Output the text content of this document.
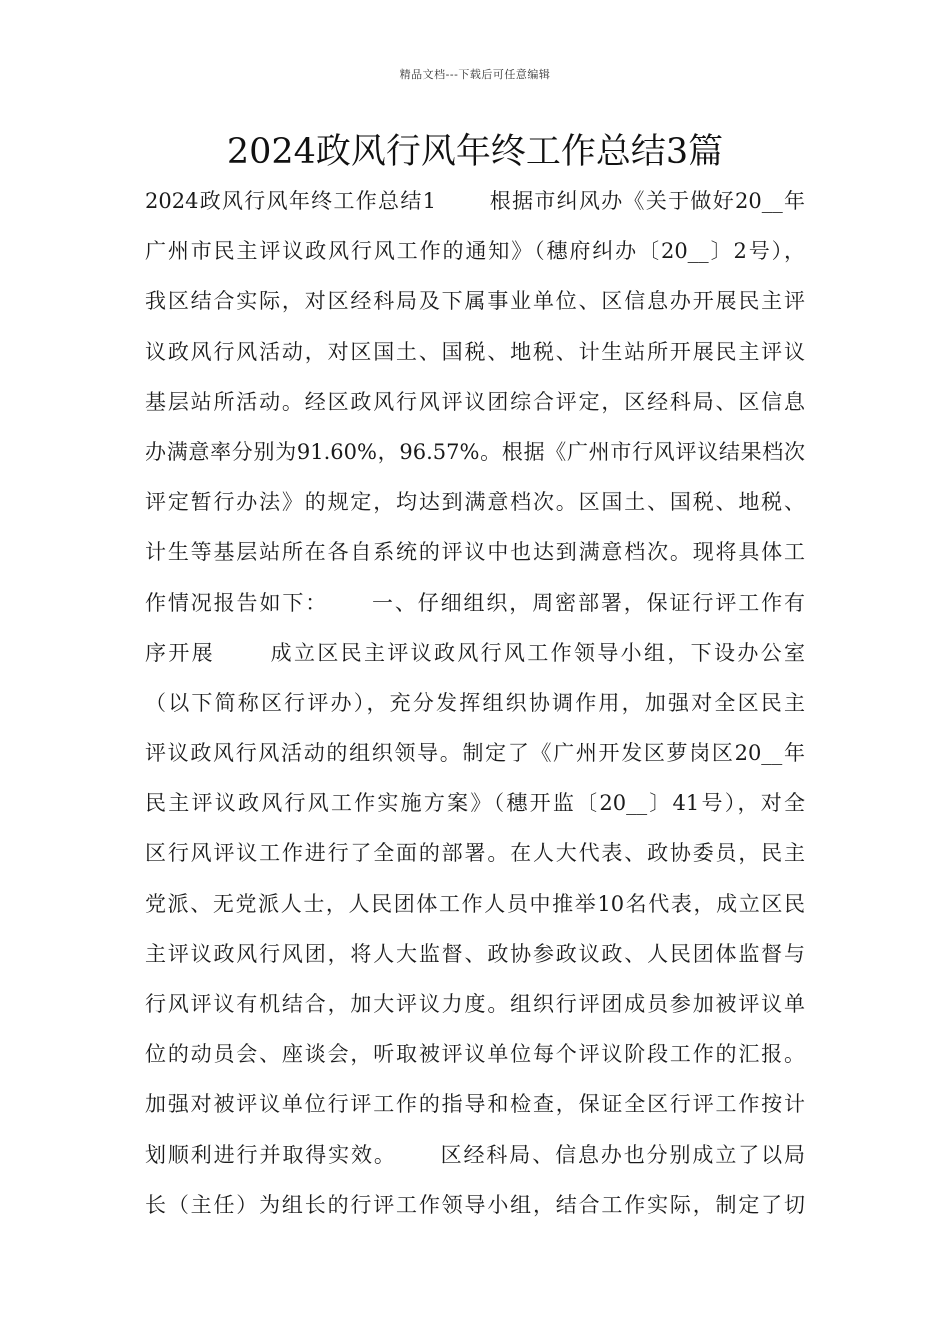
精品文档---下载后可任意编辑
2024政风行风年终工作总结3篇
2024政风行风年终工作总结1　　 根据市纠风办《关于做好20__年
广州市民主评议政风行风工作的通知》（穗府纠办〔20__〕2号），
我区结合实际，对区经科局及下属事业单位、区信息办开展民主评
议政风行风活动，对区国土、国税、地税、计生站所开展民主评议
基层站所活动。经区政风行风评议团综合评定，区经科局、区信息
办满意率分别为91.60%，96.57%。根据《广州市行风评议结果档次
评定暂行办法》的规定，均达到满意档次。区国土、国税、地税、
计生等基层站所在各自系统的评议中也达到满意档次。现将具体工
作情况报告如下：　　 一、仔细组织，周密部署，保证行评工作有
序开展　　 成立区民主评议政风行风工作领导小组，下设办公室
（以下简称区行评办），充分发挥组织协调作用，加强对全区民主
评议政风行风活动的组织领导。制定了《广州开发区萝岗区20__年
民主评议政风行风工作实施方案》（穗开监〔20__〕41号），对全
区行风评议工作进行了全面的部署。在人大代表、政协委员，民主
党派、无党派人士，人民团体工作人员中推举10名代表，成立区民
主评议政风行风团，将人大监督、政协参政议政、人民团体监督与
行风评议有机结合，加大评议力度。组织行评团成员参加被评议单
位的动员会、座谈会，听取被评议单位每个评议阶段工作的汇报。
加强对被评议单位行评工作的指导和检查，保证全区行评工作按计
划顺利进行并取得实效。　　 区经科局、信息办也分别成立了以局
长（主任）为组长的行评工作领导小组，结合工作实际，制定了切
